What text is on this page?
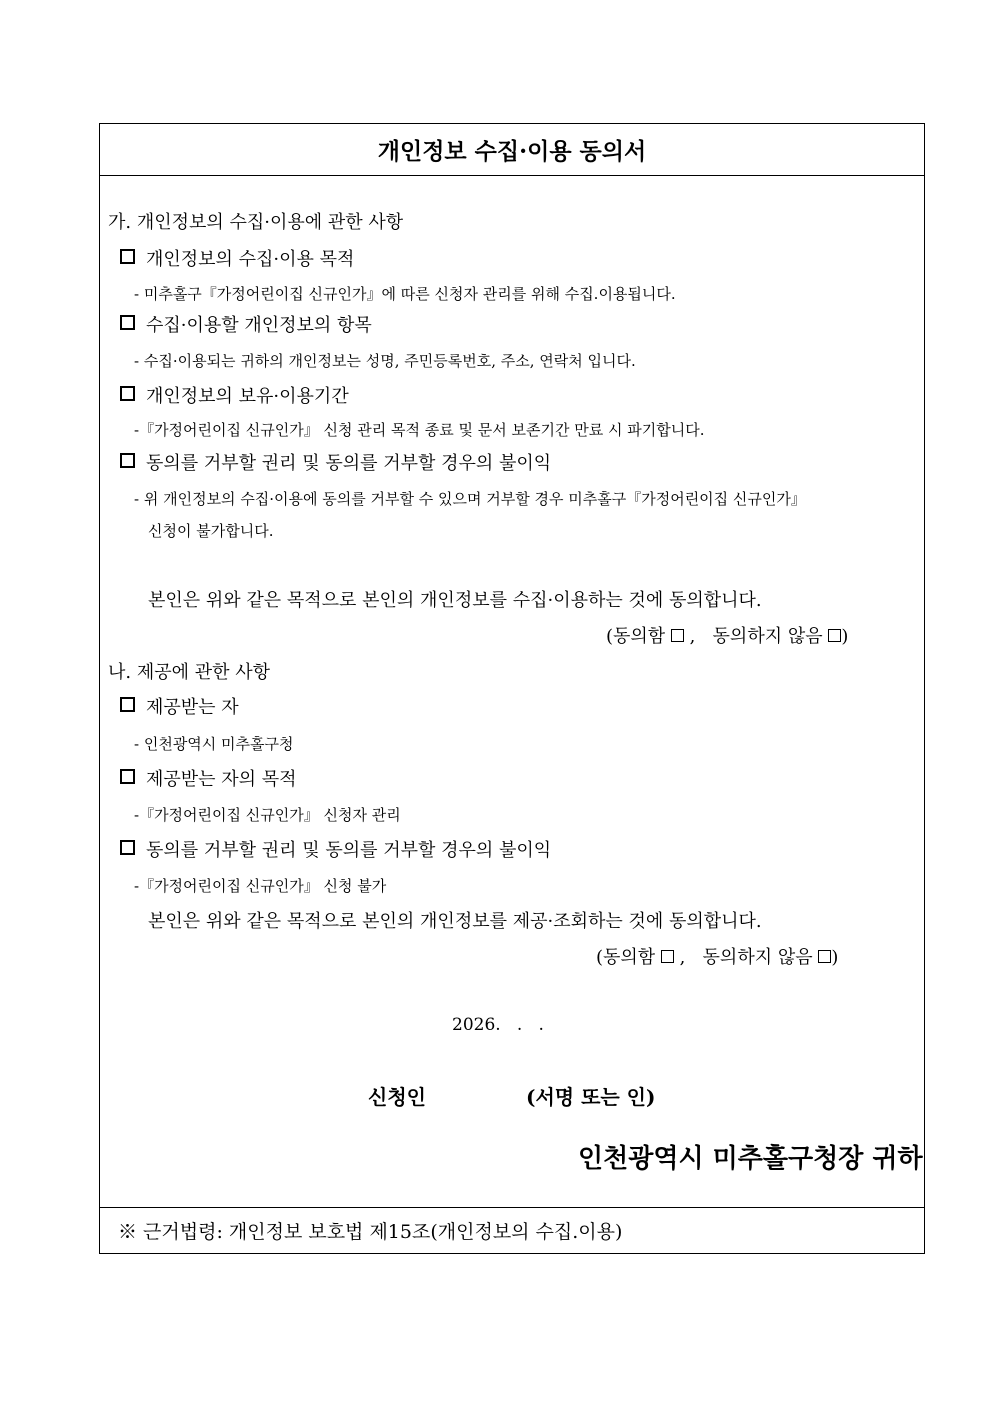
개인정보 수집·이용 동의서
※ 근거법령: 개인정보 보호법 제15조(개인정보의 수집.이용)
가. 개인정보의 수집·이용에 관한 사항
개인정보의 수집·이용 목적
- 미추홀구『가정어린이집 신규인가』에 따른 신청자 관리를 위해 수집.이용됩니다.
수집·이용할 개인정보의 항목
- 수집·이용되는 귀하의 개인정보는 성명, 주민등록번호, 주소, 연락처 입니다.
개인정보의 보유·이용기간
-『가정어린이집 신규인가』 신청 관리 목적 종료 및 문서 보존기간 만료 시 파기합니다.
동의를 거부할 권리 및 동의를 거부할 경우의 불이익
- 위 개인정보의 수집·이용에 동의를 거부할 수 있으며 거부할 경우 미추홀구『가정어린이집 신규인가』
신청이 불가합니다.
본인은 위와 같은 목적으로 본인의 개인정보를 수집·이용하는 것에 동의합니다.
(동의함  ,   동의하지 않음 )
나. 제공에 관한 사항
제공받는 자
- 인천광역시 미추홀구청
제공받는 자의 목적
-『가정어린이집 신규인가』 신청자 관리
동의를 거부할 권리 및 동의를 거부할 경우의 불이익
-『가정어린이집 신규인가』 신청 불가
본인은 위와 같은 목적으로 본인의 개인정보를 제공·조회하는 것에 동의합니다.
(동의함  ,   동의하지 않음 )
2026.   .   .
신청인	(서명 또는 인)
인천광역시 미추홀구청장 귀하
